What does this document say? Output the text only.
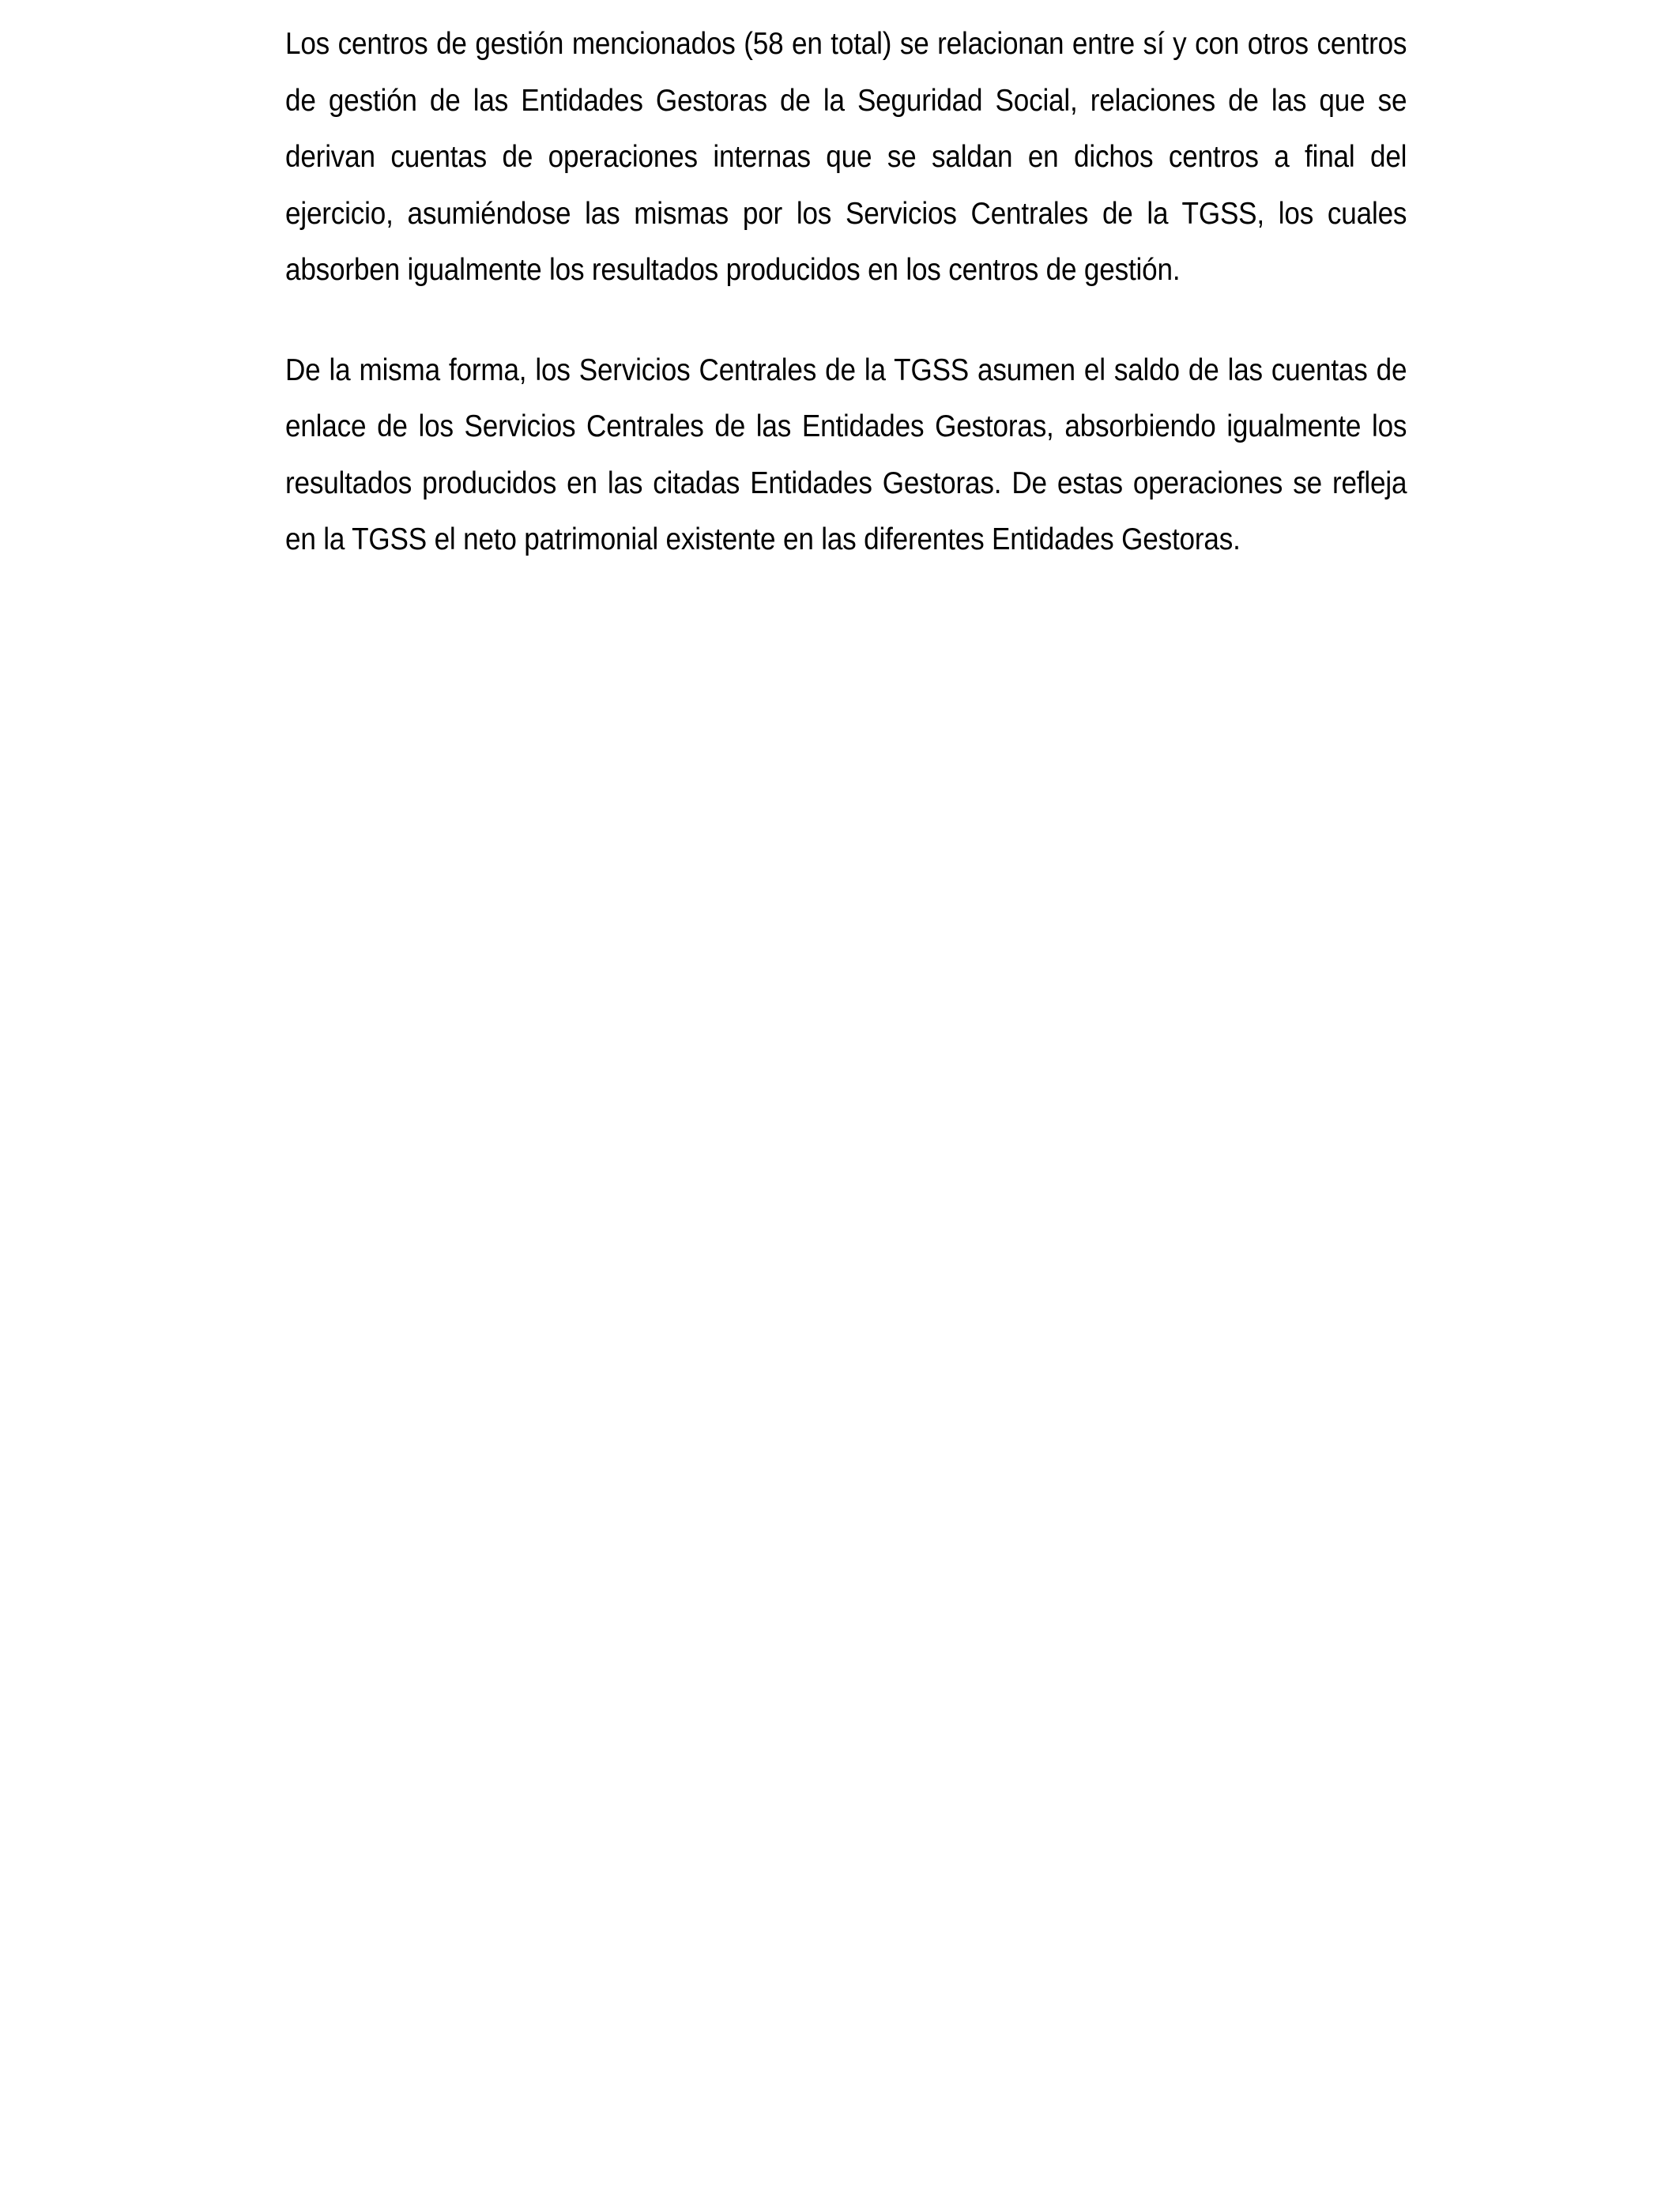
Los centros de gestión mencionados (58 en total) se relacionan entre sí y con otros centros de gestión de las Entidades Gestoras de la Seguridad Social, relaciones de las que se derivan cuentas de operaciones internas que se saldan en dichos centros a final del ejercicio, asumiéndose las mismas por los Servicios Centrales de la TGSS, los cuales absorben igualmente los resultados producidos en los centros de gestión.

De la misma forma, los Servicios Centrales de la TGSS asumen el saldo de las cuentas de enlace de los Servicios Centrales de las Entidades Gestoras, absorbiendo igualmente los resultados producidos en las citadas Entidades Gestoras. De estas operaciones se refleja en la TGSS el neto patrimonial existente en las diferentes Entidades Gestoras.
